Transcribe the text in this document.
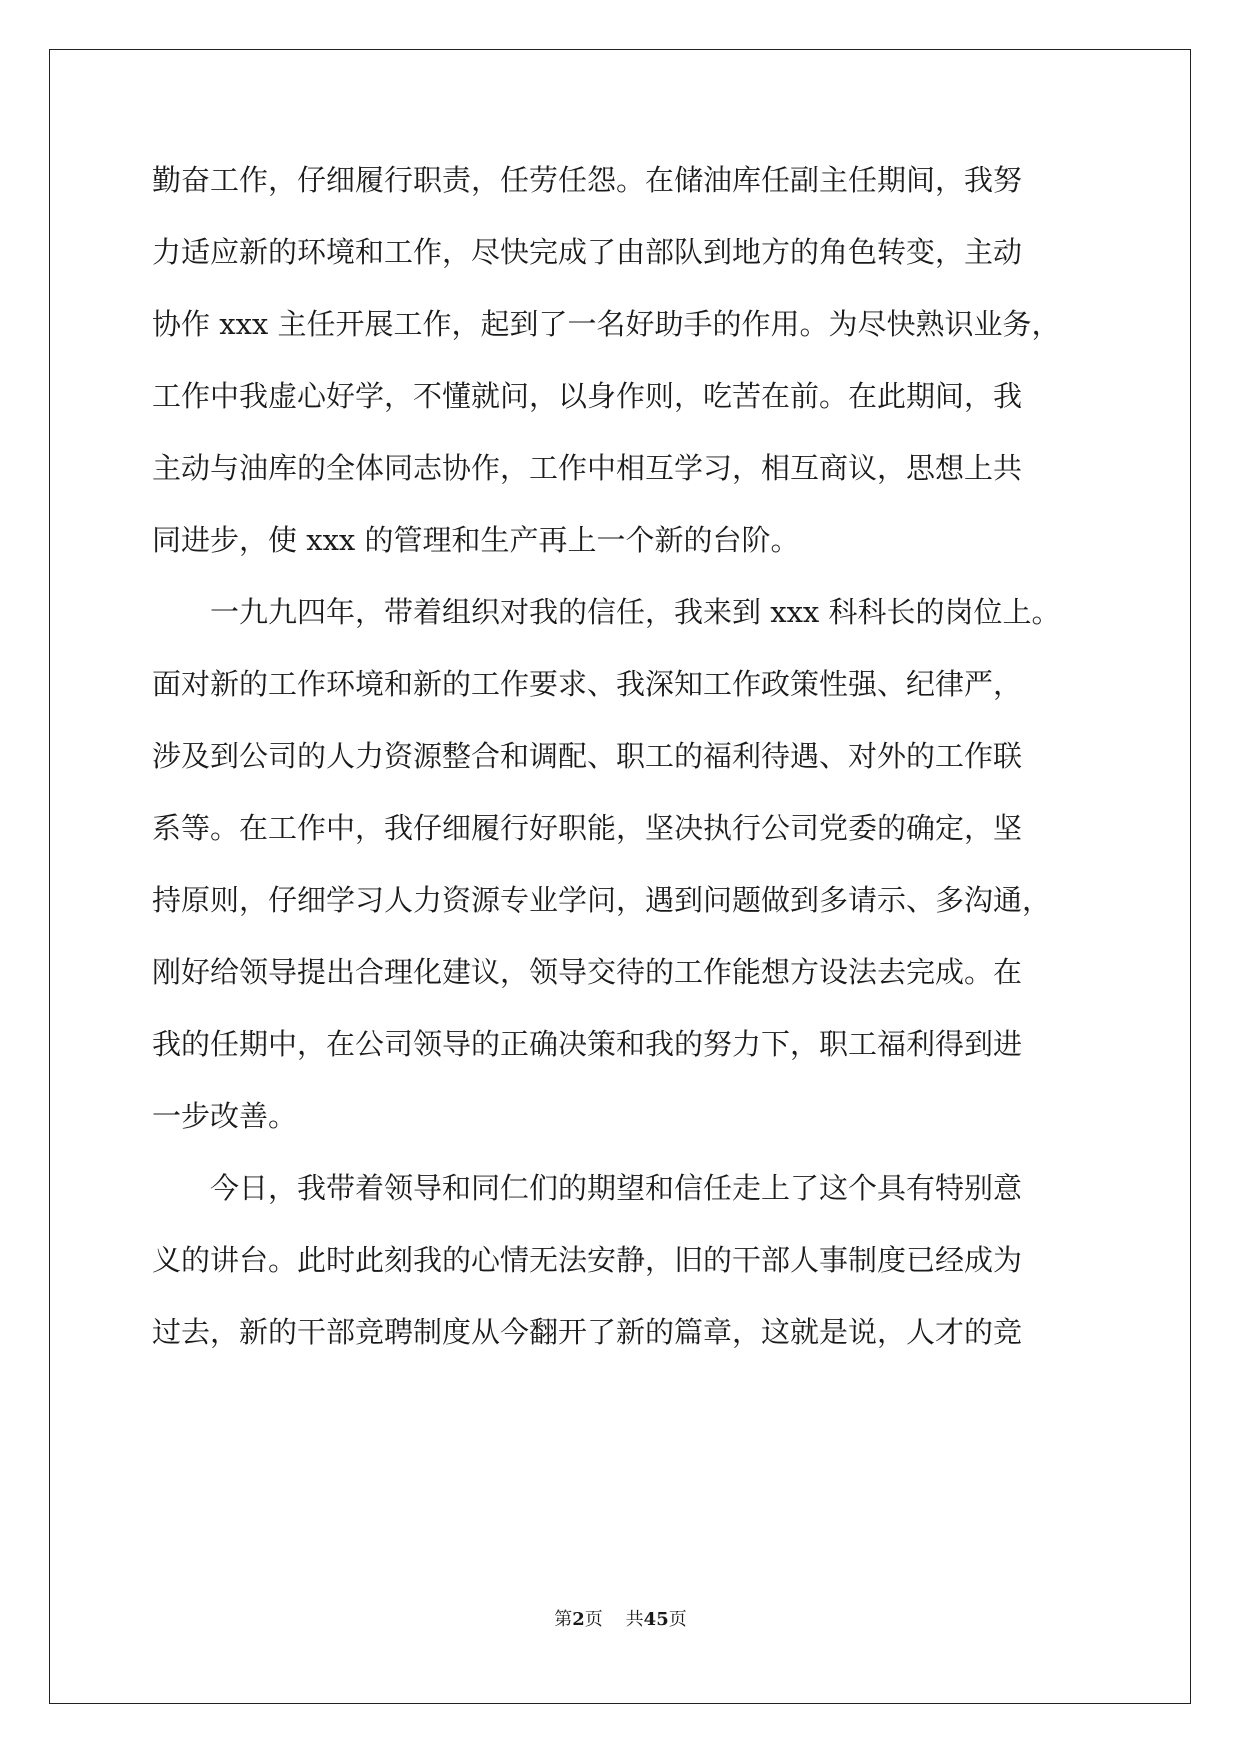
勤奋工作，仔细履行职责，任劳任怨。在储油库任副主任期间，我努
力适应新的环境和工作，尽快完成了由部队到地方的角色转变，主动
协作 xxx 主任开展工作，起到了一名好助手的作用。为尽快熟识业务，
工作中我虚心好学，不懂就问，以身作则，吃苦在前。在此期间，我
主动与油库的全体同志协作，工作中相互学习，相互商议，思想上共
同进步，使 xxx 的管理和生产再上一个新的台阶。
一九九四年，带着组织对我的信任，我来到 xxx 科科长的岗位上。
面对新的工作环境和新的工作要求、我深知工作政策性强、纪律严，
涉及到公司的人力资源整合和调配、职工的福利待遇、对外的工作联
系等。在工作中，我仔细履行好职能，坚决执行公司党委的确定，坚
持原则，仔细学习人力资源专业学问，遇到问题做到多请示、多沟通，
刚好给领导提出合理化建议，领导交待的工作能想方设法去完成。在
我的任期中，在公司领导的正确决策和我的努力下，职工福利得到进
一步改善。
今日，我带着领导和同仁们的期望和信任走上了这个具有特别意
义的讲台。此时此刻我的心情无法安静，旧的干部人事制度已经成为
过去，新的干部竞聘制度从今翻开了新的篇章，这就是说，人才的竞
第2页 共45页
